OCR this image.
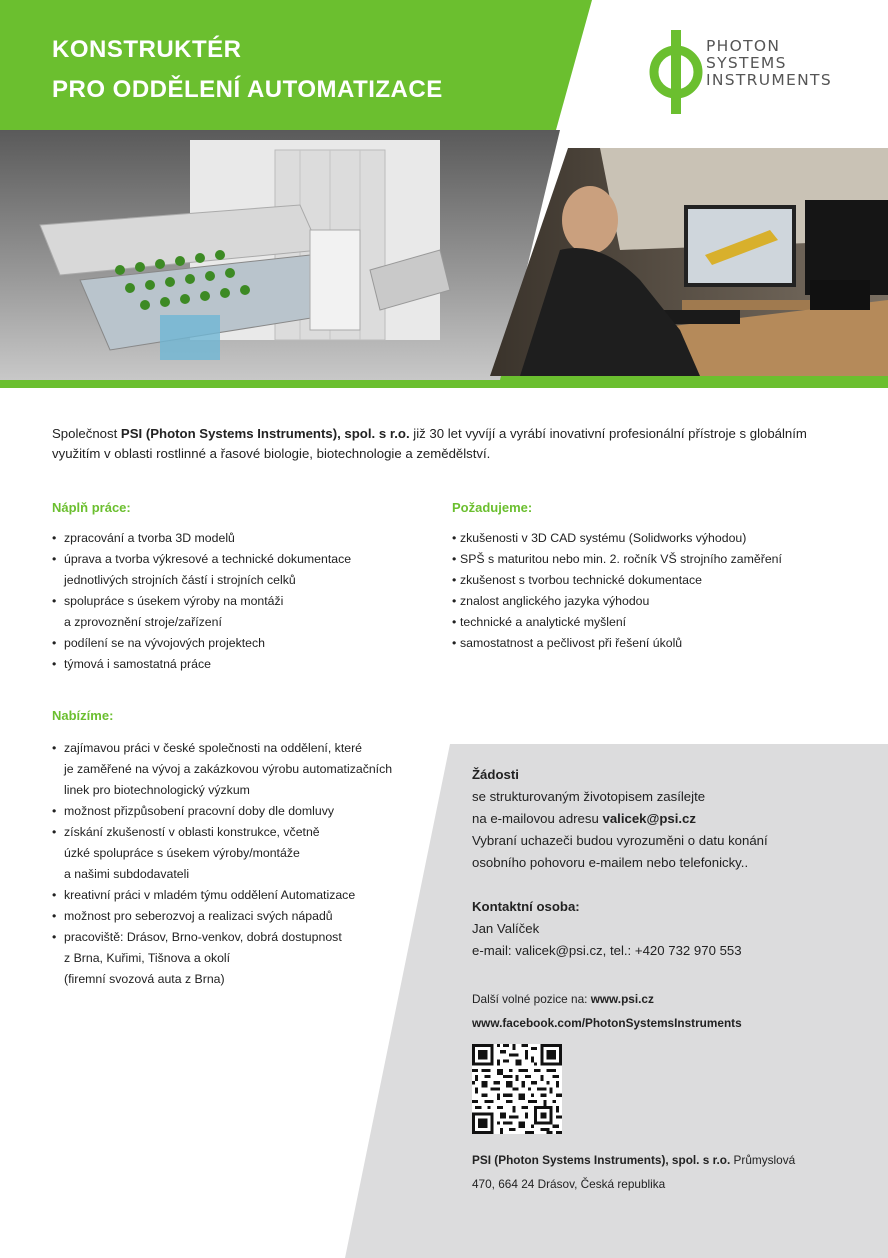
KONSTRUKTÉR
PRO ODDĚLENÍ AUTOMATIZACE
PHOTON
SYSTEMS
INSTRUMENTS

Společnost PSI (Photon Systems Instruments), spol. s r.o. již 30 let vyvíjí a vyrábí inovativní profesionální přístroje s globálním využitím v oblasti rostlinné a řasové biologie, biotechnologie a zemědělství.

Náplň práce:
• zpracování a tvorba 3D modelů
• úprava a tvorba výkresové a technické dokumentace
jednotlivých strojních částí i strojních celků
• spolupráce s úsekem výroby na montáži
a zprovoznění stroje/zařízení
• podílení se na vývojových projektech
• týmová i samostatná práce
Požadujeme:
• zkušenosti v 3D CAD systému (Solidworks výhodou)
• SPŠ s maturitou nebo min. 2. ročník VŠ strojního zaměření
• zkušenost s tvorbou technické dokumentace
• znalost anglického jazyka výhodou
• technické a analytické myšlení
• samostatnost a pečlivost při řešení úkolů
Nabízíme:
• zajímavou práci v české společnosti na oddělení, které
je zaměřené na vývoj a zakázkovou výrobu automatizačních
linek pro biotechnologický výzkum
• možnost přizpůsobení pracovní doby dle domluvy
• získání zkušeností v oblasti konstrukce, včetně
úzké spolupráce s úsekem výroby/montáže
a našimi subdodavateli
• kreativní práci v mladém týmu oddělení Automatizace
• možnost pro seberozvoj a realizaci svých nápadů
• pracoviště: Drásov, Brno-venkov, dobrá dostupnost
z Brna, Kuřimi, Tišnova a okolí
(firemní svozová auta z Brna)
Žádosti
se strukturovaným životopisem zasílejte
na e-mailovou adresu valicek@psi.cz
Vybraní uchazeči budou vyrozuměni o datu konání
osobního pohovoru e-mailem nebo telefonicky..
Kontaktní osoba:
Jan Valíček
e-mail: valicek@psi.cz, tel.: +420 732 970 553
Další volné pozice na: www.psi.cz
www.facebook.com/PhotonSystemsInstruments
PSI (Photon Systems Instruments), spol. s r.o. Průmyslová
470, 664 24 Drásov, Česká republika
